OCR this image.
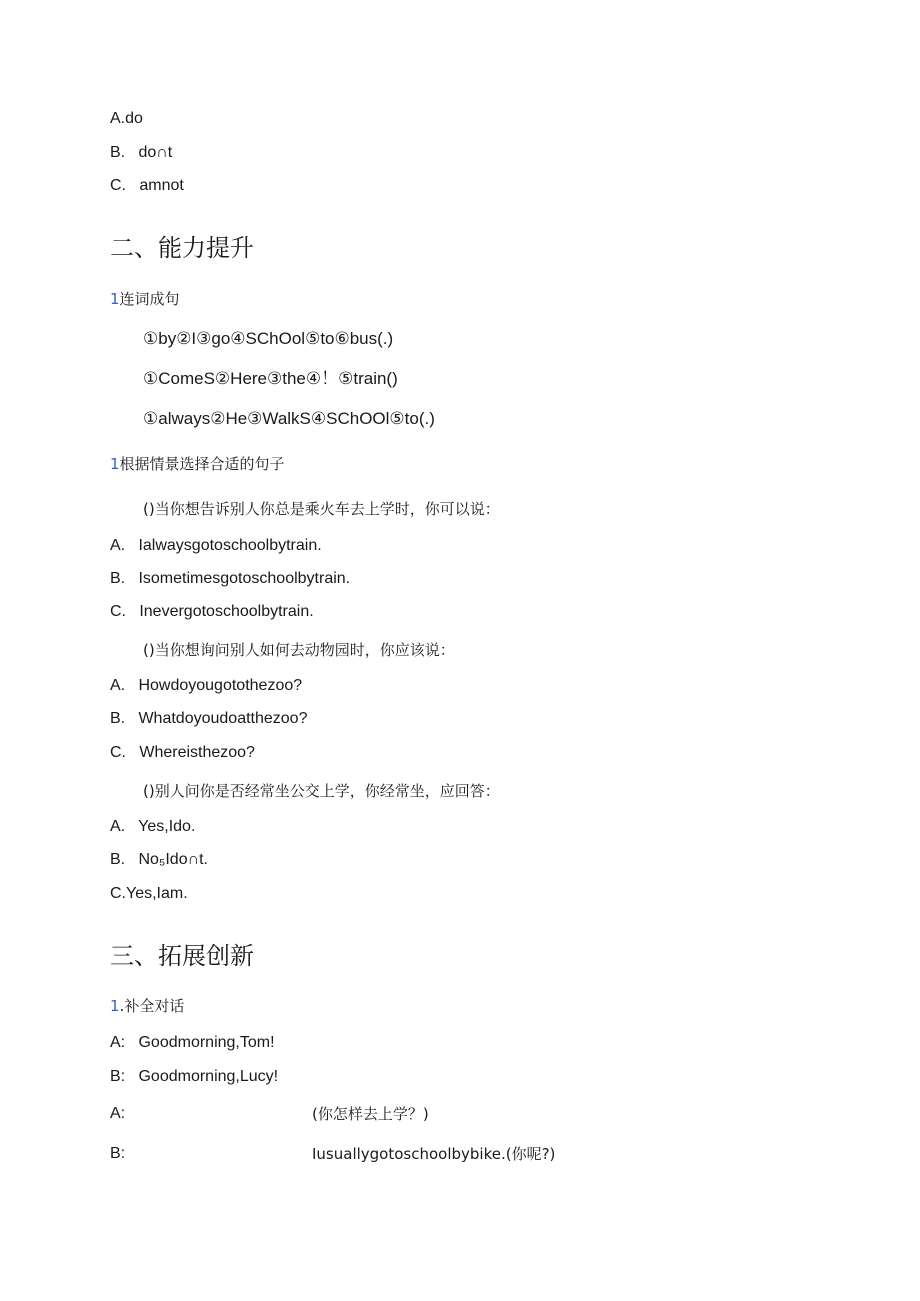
A.do
B.   do∩t
C.   amnot
二、能力提升
1连词成句
①by②I③go④SChOol⑤to⑥bus(.)
①ComeS②Here③the④！⑤train()
①always②He③WalkS④SChOOl⑤to(.)
1根据情景选择合适的句子
()当你想告诉别人你总是乘火车去上学时，你可以说：
A.   Ialwaysgotoschoolbytrain.
B.   Isometimesgotoschoolbytrain.
C.   Inevergotoschoolbytrain.
()当你想询问别人如何去动物园时，你应该说：
A.   Howdoyougotothezoo?
B.   Whatdoyoudoatthezoo?
C.   Whereisthezoo?
()别人问你是否经常坐公交上学，你经常坐，应回答：
A.   Yes,Ido.
B.   No₅Ido∩t.
C.Yes,Iam.
三、拓展创新
1.补全对话
A: Goodmorning,Tom!
B: Goodmorning,Lucy!
A:	(你怎样去上学？)
B:	Iusuallygotoschoolbybike.(你呢?)
